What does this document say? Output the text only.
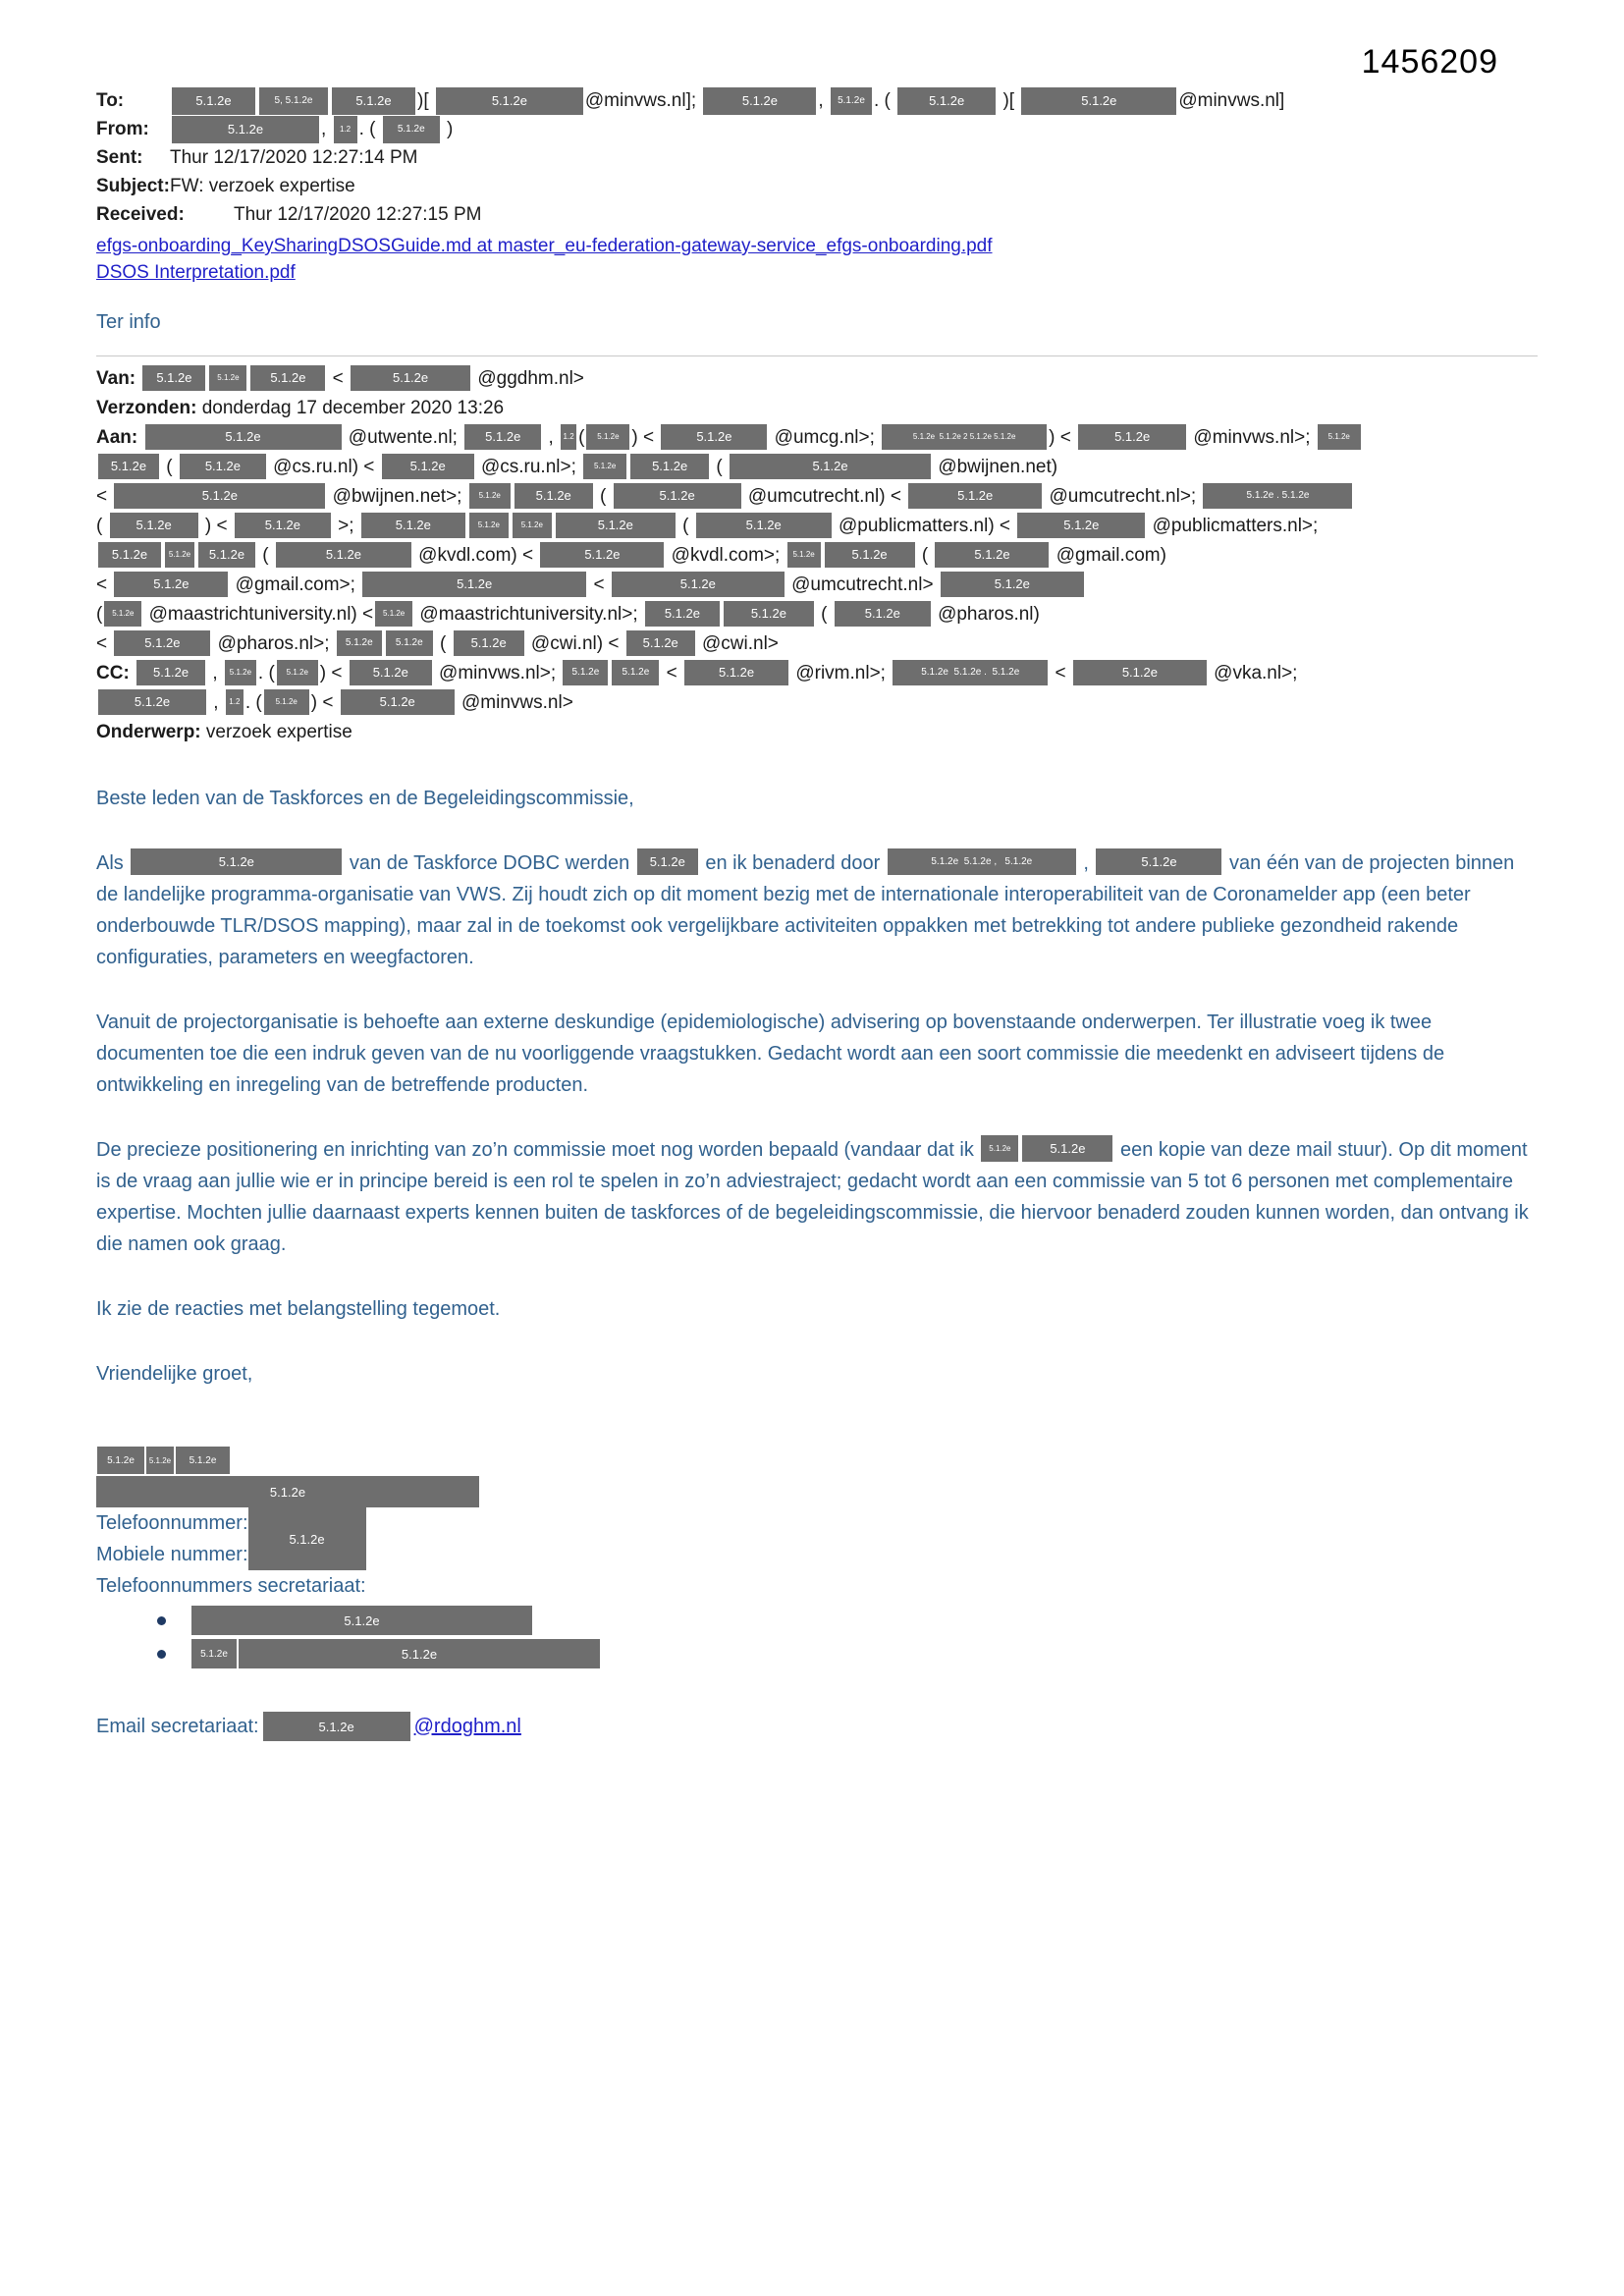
1456209
To:	5.1.2e	5, 5.1.2e	5.1.2e	)[	5.1.2e	@minvws.nl];	5.1.2e	, 5.1.2e . (	5.1.2e	)[	5.1.2e	@minvws.nl]
From:	5.1.2e	,	1.2 . (	5.1.2e )
Sent:	Thur 12/17/2020 12:27:14 PM
Subject: FW: verzoek expertise
Received:	Thur 12/17/2020 12:27:15 PM
efgs-onboarding_KeySharingDSOSGuide.md at master_eu-federation-gateway-service_efgs-onboarding.pdf
DSOS Interpretation.pdf
Ter info
Van: 5.1.2e	5.1.2e 5.1.2e <	5.1.2e @ggdhm.nl>
Verzonden: donderdag 17 december 2020 13:26
Aan:	5.1.2e	@utwente.nl; 5.1.2e , 1.2 ( 5.1.2e ) <	5.1.2e @umcg.nl>;	5.1.2e  5.1.2e 2 5.1.2e 5.1.2e ) <	5.1.2e @minvws.nl>; 5.1.2e
5.1.2e ( 5.1.2e @cs.ru.nl) < 5.1.2e @cs.ru.nl>; 5.1.2e	5.1.2e (	5.1.2e	@bwijnen.net)
<	5.1.2e	@bwijnen.net>; 5.1.2e	5.1.2e (	5.1.2e	@umcutrecht.nl) <	5.1.2e	@umcutrecht.nl>;	5.1.2e . 5.1.2e
( 5.1.2e ) <	5.1.2e >;	5.1.2e	5.1.2e	5.1.2e	5.1.2e (	5.1.2e	@publicmatters.nl) <	5.1.2e	@publicmatters.nl>;
5.1.2e	5.1.2e 5.1.2e (	5.1.2e	@kvdl.com) <	5.1.2e @kvdl.com>; 5.1.2e	5.1.2e (	5.1.2e @gmail.com)
<	5.1.2e @gmail.com>;	5.1.2e	<	5.1.2e	@umcutrecht.nl>	5.1.2e
( 5.1.2e @maastrichtuniversity.nl) < 5.1.2e @maastrichtuniversity.nl>; 5.1.2e	5.1.2e (	5.1.2e @pharos.nl)
<	5.1.2e @pharos.nl>; 5.1.2e 5.1.2e ( 5.1.2e @cwi.nl) < 5.1.2e @cwi.nl>
CC: 5.1.2e , 5.1.2e . ( 5.1.2e ) < 5.1.2e @minvws.nl>; 5.1.2e 5.1.2e <	5.1.2e @rivm.nl>;	5.1.2e  5.1.2e .  5.1.2e <	5.1.2e	@vka.nl>;
5.1.2e , 1.2 . ( 5.1.2e ) <	5.1.2e @minvws.nl>
Onderwerp: verzoek expertise

Beste leden van de Taskforces en de Begeleidingscommissie,

Als	5.1.2e	van de Taskforce DOBC werden 5.1.2e en ik benaderd door	5.1.2e  5.1.2e ,   5.1.2e ,	5.1.2e van één van de projecten binnen de landelijke programma-organisatie van VWS. Zij houdt zich op dit moment bezig met de internationale interoperabiliteit van de Coronamelder app (een beter onderbouwde TLR/DSOS mapping), maar zal in de toekomst ook vergelijkbare activiteiten oppakken met betrekking tot andere publieke gezondheid rakende configuraties, parameters en weegfactoren.

Vanuit de projectorganisatie is behoefte aan externe deskundige (epidemiologische) advisering op bovenstaande onderwerpen. Ter illustratie voeg ik twee documenten toe die een indruk geven van de nu voorliggende vraagstukken. Gedacht wordt aan een soort commissie die meedenkt en adviseert tijdens de ontwikkeling en inregeling van de betreffende producten.

De precieze positionering en inrichting van zo’n commissie moet nog worden bepaald (vandaar dat ik 5.1.2e	5.1.2e een kopie van deze mail stuur). Op dit moment is de vraag aan jullie wie er in principe bereid is een rol te spelen in zo’n adviestraject; gedacht wordt aan een commissie van 5 tot 6 personen met complementaire expertise. Mochten jullie daarnaast experts kennen buiten de taskforces of de begeleidingscommissie, die hiervoor benaderd zouden kunnen worden, dan ontvang ik die namen ook graag.

Ik zie de reacties met belangstelling tegemoet.

Vriendelijke groet,

5.1.2e 5.1.2e 5.1.2e
5.1.2e
Telefoonnummer:
Mobiele nummer:
5.1.2e
Telefoonnummers secretariaat:
5.1.2e
5.1.2e	5.1.2e
Email secretariaat:	5.1.2e	@rdoghm.nl
